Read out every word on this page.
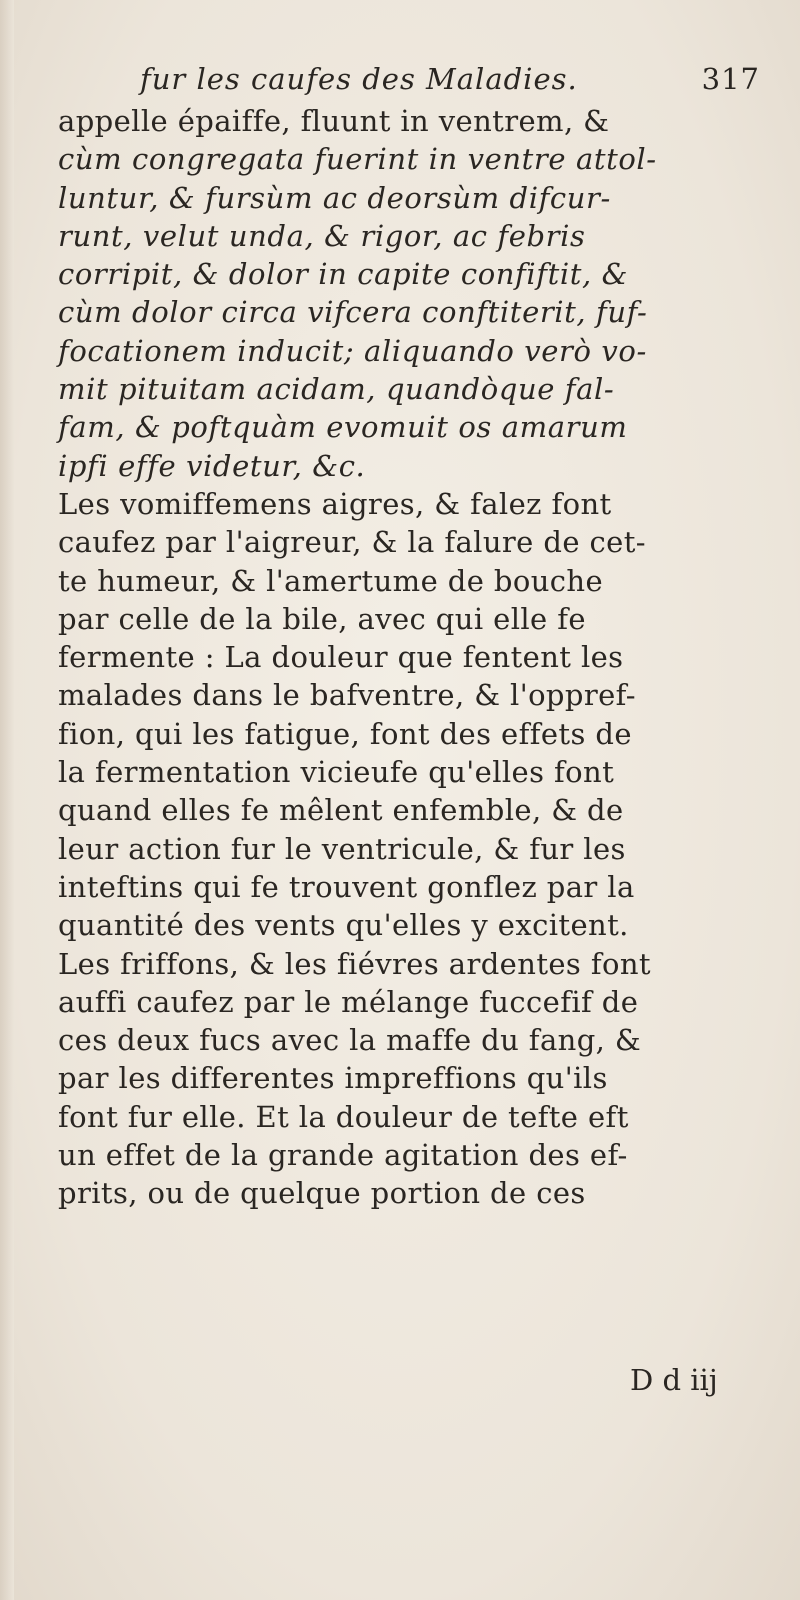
fur les caufes des Maladies.	317
appelle épaiffe, fluunt in ventrem, &
cùm congregata fuerint in ventre attol-
luntur, & fursùm ac deorsùm difcur-
runt, velut unda, & rigor, ac febris
corripit, & dolor in capite confiftit, &
cùm dolor circa vifcera conftiterit, fuf-
focationem inducit; aliquando verò vo-
mit pituitam acidam, quandòque fal-
fam, & poftquàm evomuit os amarum
ipfi effe videtur, &c.
Les vomiffemens aigres, & falez font
caufez par l'aigreur, & la falure de cet-
te humeur, & l'amertume de bouche
par celle de la bile, avec qui elle fe
fermente : La douleur que fentent les
malades dans le bafventre, & l'oppref-
fion, qui les fatigue, font des effets de
la fermentation vicieufe qu'elles font
quand elles fe mêlent enfemble, & de
leur action fur le ventricule, & fur les
inteftins qui fe trouvent gonflez par la
quantité des vents qu'elles y excitent.
Les friffons, & les fiévres ardentes font
auffi caufez par le mélange fuccefif de
ces deux fucs avec la maffe du fang, &
par les differentes impreffions qu'ils
font fur elle. Et la douleur de tefte eft
un effet de la grande agitation des ef-
prits, ou de quelque portion de ces
D d iij
